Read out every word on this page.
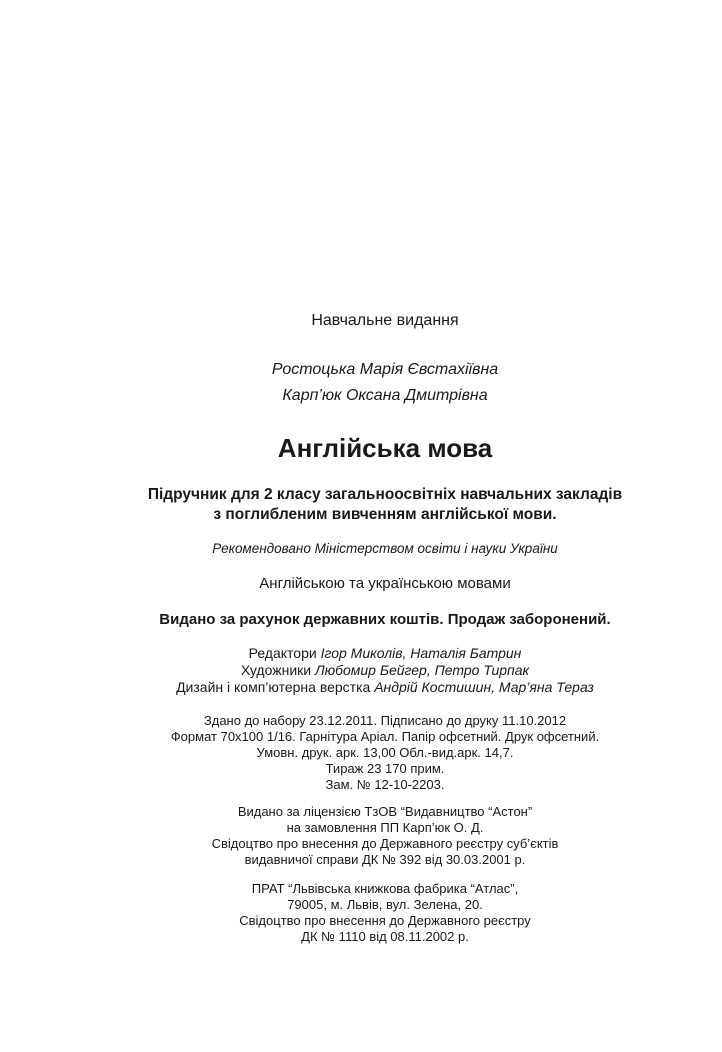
Навчальне видання
Ростоцька Марія Євстахіївна
Карп’юк Оксана Дмитрівна
Англійська мова
Підручник для 2 класу загальноосвітніх навчальних закладів
з поглибленим вивченням англійської мови.
Рекомендовано Міністерством освіти і науки України
Англійською та українською мовами
Видано за рахунок державних коштів. Продаж заборонений.
Редактори Ігор Миколів, Наталія Батрин
Художники Любомир Бейгер, Петро Тирпак
Дизайн і комп’ютерна верстка Андрій Костишин, Мар’яна Тераз
Здано до набору 23.12.2011. Підписано до друку 11.10.2012
Формат 70x100 1/16. Гарнітура Аріал. Папір офсетний. Друк офсетний.
Умовн. друк. арк. 13,00 Обл.-вид.арк. 14,7.
Тираж 23 170 прим.
Зам. № 12-10-2203.
Видано за ліцензією ТзОВ “Видавництво “Астон”
на замовлення ПП Карп’юк О. Д.
Свідоцтво про внесення до Державного реєстру суб’єктів
видавничої справи ДК № 392 від 30.03.2001 р.
ПРАТ “Львівська книжкова фабрика “Атлас”,
79005, м. Львів, вул. Зелена, 20.
Свідоцтво про внесення до Державного реєстру
ДК № 1110 від 08.11.2002 р.
